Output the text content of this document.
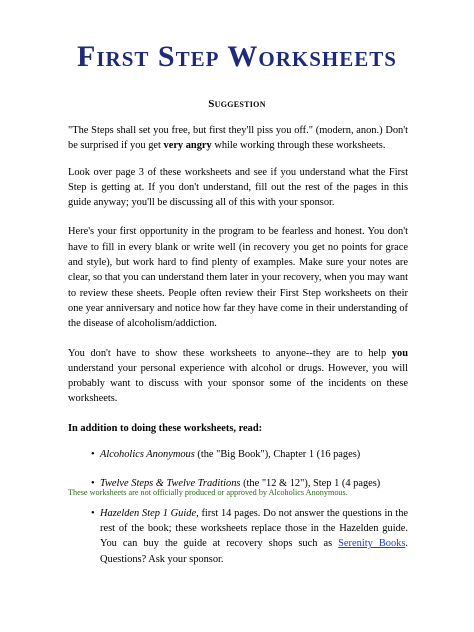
First Step Worksheets
Suggestion

"The Steps shall set you free, but first they'll piss you off." (modern, anon.) Don't be surprised if you get very angry while working through these worksheets.

Look over page 3 of these worksheets and see if you understand what the First Step is getting at. If you don't understand, fill out the rest of the pages in this guide anyway; you'll be discussing all of this with your sponsor.

Here's your first opportunity in the program to be fearless and honest. You don't have to fill in every blank or write well (in recovery you get no points for grace and style), but work hard to find plenty of examples. Make sure your notes are clear, so that you can understand them later in your recovery, when you may want to review these sheets. People often review their First Step worksheets on their one year anniversary and notice how far they have come in their understanding of the disease of alcoholism/addiction.

You don't have to show these worksheets to anyone--they are to help you understand your personal experience with alcohol or drugs. However, you will probably want to discuss with your sponsor some of the incidents on these worksheets.

In addition to doing these worksheets, read:

• Alcoholics Anonymous (the "Big Book"), Chapter 1 (16 pages)
• Twelve Steps & Twelve Traditions (the "12 & 12"), Step 1 (4 pages)
• Hazelden Step 1 Guide, first 14 pages. Do not answer the questions in the rest of the book; these worksheets replace those in the Hazelden guide. You can buy the guide at recovery shops such as Serenity Books. Questions? Ask your sponsor.
These worksheets are not officially produced or approved by Alcoholics Anonymous.
